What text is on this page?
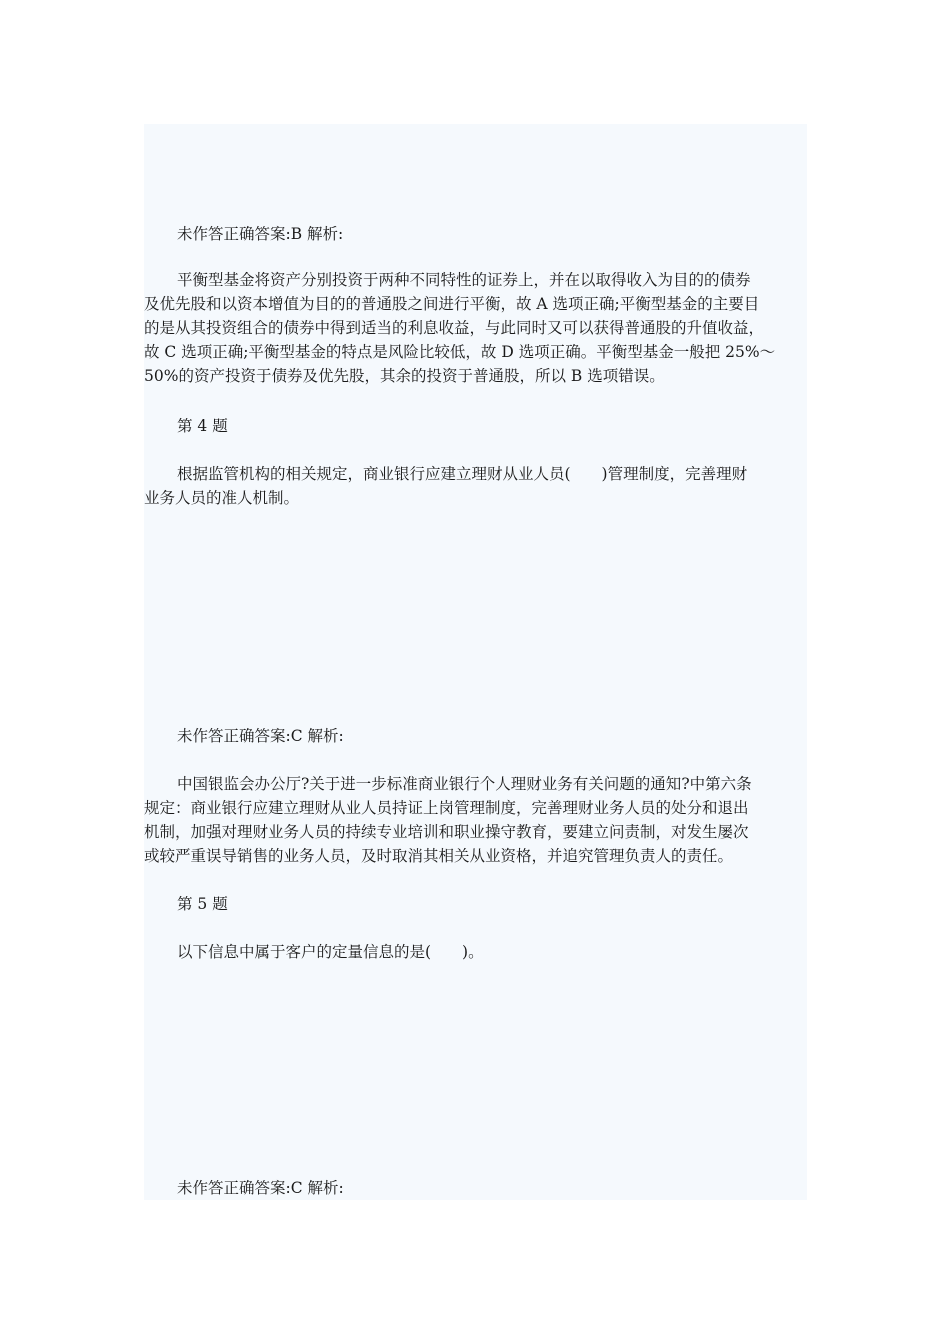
未作答正确答案:B 解析:

平衡型基金将资产分别投资于两种不同特性的证券上，并在以取得收入为目的的债券
及优先股和以资本增值为目的的普通股之间进行平衡，故 A 选项正确;平衡型基金的主要目
的是从其投资组合的债券中得到适当的利息收益，与此同时又可以获得普通股的升值收益，
故 C 选项正确;平衡型基金的特点是风险比较低，故 D 选项正确。平衡型基金一般把 25%～
50%的资产投资于债券及优先股，其余的投资于普通股，所以 B 选项错误。

第 4 题

根据监管机构的相关规定，商业银行应建立理财从业人员(　　)管理制度，完善理财
业务人员的准人机制。

未作答正确答案:C 解析:

中国银监会办公厅?关于进一步标准商业银行个人理财业务有关问题的通知?中第六条
规定：商业银行应建立理财从业人员持证上岗管理制度，完善理财业务人员的处分和退出
机制，加强对理财业务人员的持续专业培训和职业操守教育，要建立问责制，对发生屡次
或较严重误导销售的业务人员，及时取消其相关从业资格，并追究管理负责人的责任。

第 5 题

以下信息中属于客户的定量信息的是(　　)。

未作答正确答案:C 解析:
